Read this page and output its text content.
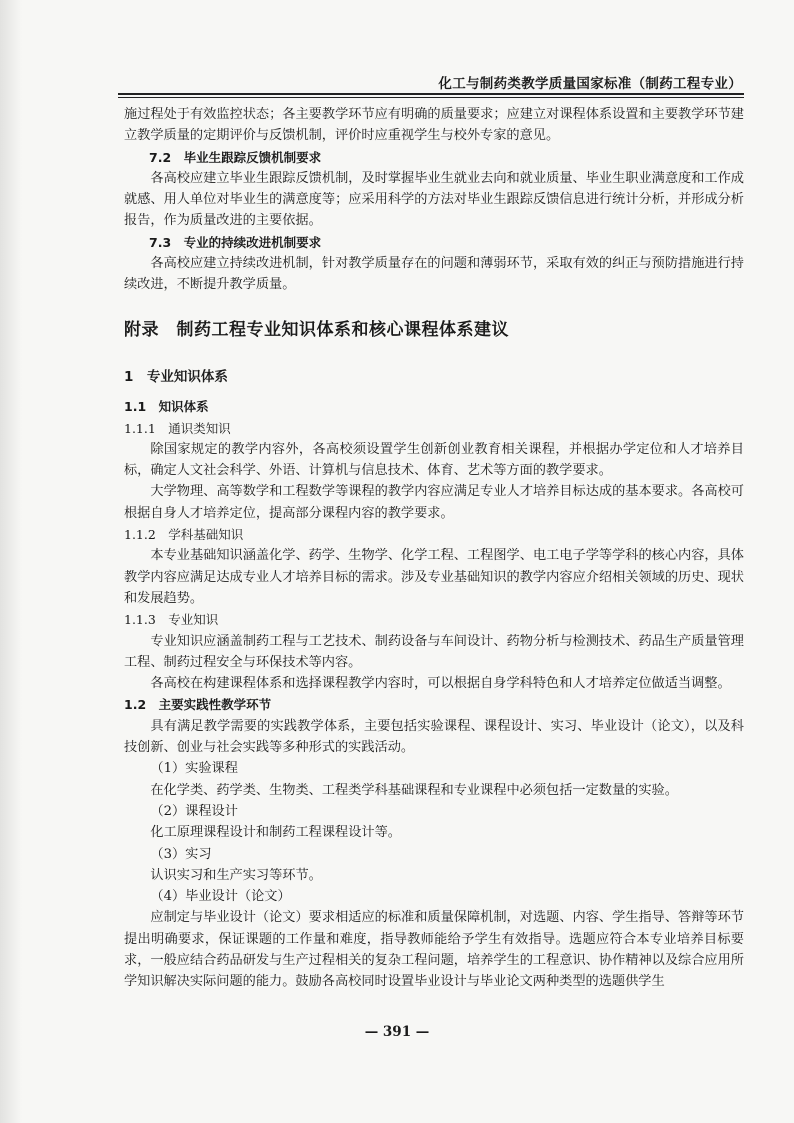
化工与制药类教学质量国家标准（制药工程专业）

施过程处于有效监控状态；各主要教学环节应有明确的质量要求；应建立对课程体系设置和主要教学环节建立教学质量的定期评价与反馈机制，评价时应重视学生与校外专家的意见。

7.2　毕业生跟踪反馈机制要求

各高校应建立毕业生跟踪反馈机制，及时掌握毕业生就业去向和就业质量、毕业生职业满意度和工作成就感、用人单位对毕业生的满意度等；应采用科学的方法对毕业生跟踪反馈信息进行统计分析，并形成分析报告，作为质量改进的主要依据。

7.3　专业的持续改进机制要求

各高校应建立持续改进机制，针对教学质量存在的问题和薄弱环节，采取有效的纠正与预防措施进行持续改进，不断提升教学质量。

附录　制药工程专业知识体系和核心课程体系建议

1　专业知识体系

1.1　知识体系

1.1.1　通识类知识

除国家规定的教学内容外，各高校须设置学生创新创业教育相关课程，并根据办学定位和人才培养目标，确定人文社会科学、外语、计算机与信息技术、体育、艺术等方面的教学要求。

大学物理、高等数学和工程数学等课程的教学内容应满足专业人才培养目标达成的基本要求。各高校可根据自身人才培养定位，提高部分课程内容的教学要求。

1.1.2　学科基础知识

本专业基础知识涵盖化学、药学、生物学、化学工程、工程图学、电工电子学等学科的核心内容，具体教学内容应满足达成专业人才培养目标的需求。涉及专业基础知识的教学内容应介绍相关领域的历史、现状和发展趋势。

1.1.3　专业知识

专业知识应涵盖制药工程与工艺技术、制药设备与车间设计、药物分析与检测技术、药品生产质量管理工程、制药过程安全与环保技术等内容。

各高校在构建课程体系和选择课程教学内容时，可以根据自身学科特色和人才培养定位做适当调整。

1.2　主要实践性教学环节

具有满足教学需要的实践教学体系，主要包括实验课程、课程设计、实习、毕业设计（论文），以及科技创新、创业与社会实践等多种形式的实践活动。

（1）实验课程

在化学类、药学类、生物类、工程类学科基础课程和专业课程中必须包括一定数量的实验。

（2）课程设计

化工原理课程设计和制药工程课程设计等。

（3）实习

认识实习和生产实习等环节。

（4）毕业设计（论文）

应制定与毕业设计（论文）要求相适应的标准和质量保障机制，对选题、内容、学生指导、答辩等环节提出明确要求，保证课题的工作量和难度，指导教师能给予学生有效指导。选题应符合本专业培养目标要求，一般应结合药品研发与生产过程相关的复杂工程问题，培养学生的工程意识、协作精神以及综合应用所学知识解决实际问题的能力。鼓励各高校同时设置毕业设计与毕业论文两种类型的选题供学生

— 391 —
